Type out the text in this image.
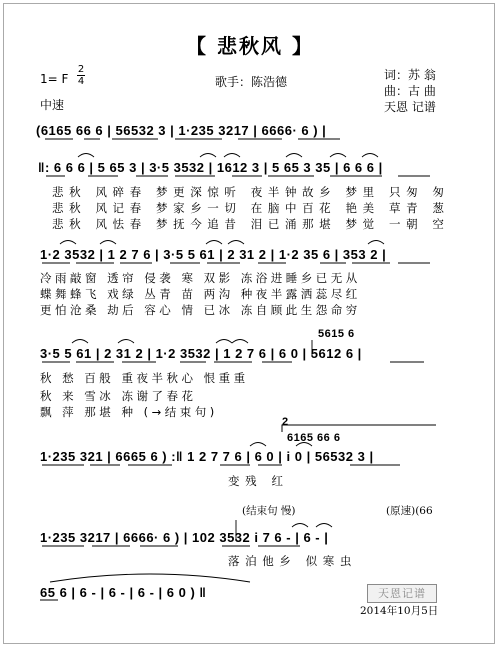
【 悲秋风 】
1= F
2
4
中速
歌手：陈浩德	词：苏 翁
曲：古 曲
天恩 记谱
(6165 66 6 | 56532 3 | 1·235 3217 | 6666· 6 ) |
‖: 6 6 6 | 5 65 3 | 3·5 3532 | 1612 3 | 5 65 3 35 | 6 6 6 |
悲秋 风碎春 梦更深惊听 夜半钟故乡 梦里 只匆 匆
悲秋 风记春 梦家乡一切 在脑中百花 艳美 草青 葱
悲秋 风怯春 梦抚今追昔 泪已涌那堪 梦觉 一朝 空
1·2 3532 | 1 2 7 6 | 3·5 5 61 | 2 31 2 | 1·2 35 6 | 353 2 |
冷雨敲窗 透帘 侵袭 寒 双影 冻浴进睡乡已无从
蝶舞蜂飞 戏绿 丛青 苗 两沟 种夜半露洒蕊尽红
更怕沧桑 劫后 容心 情 已冰 冻自顾此生怨命穷
5615 6
3·5 5 61 | 2 31 2 | 1·2 3532 | 1 2 7 6 | 6 0 | 5612 6 |
秋 愁 百般 重夜半秋心 恨重重
秋 来 雪冰 冻谢了春花
飘 萍 那堪 种 (→结束句)
2
6165 66 6
1·235 321 | 6665 6 ) :‖ 1 2 7 7 6 | 6 0 | i 0 | 56532 3 |
变残 红
(结束句 慢)	(原速)(66
1·235 3217 | 6666· 6 ) | 102 3532 i 7 6 - | 6 - |
落泊他乡 似寒虫
65 6 | 6 - | 6 - | 6 - | 6 0 ) ‖	天恩记谱
2014年10月5日
